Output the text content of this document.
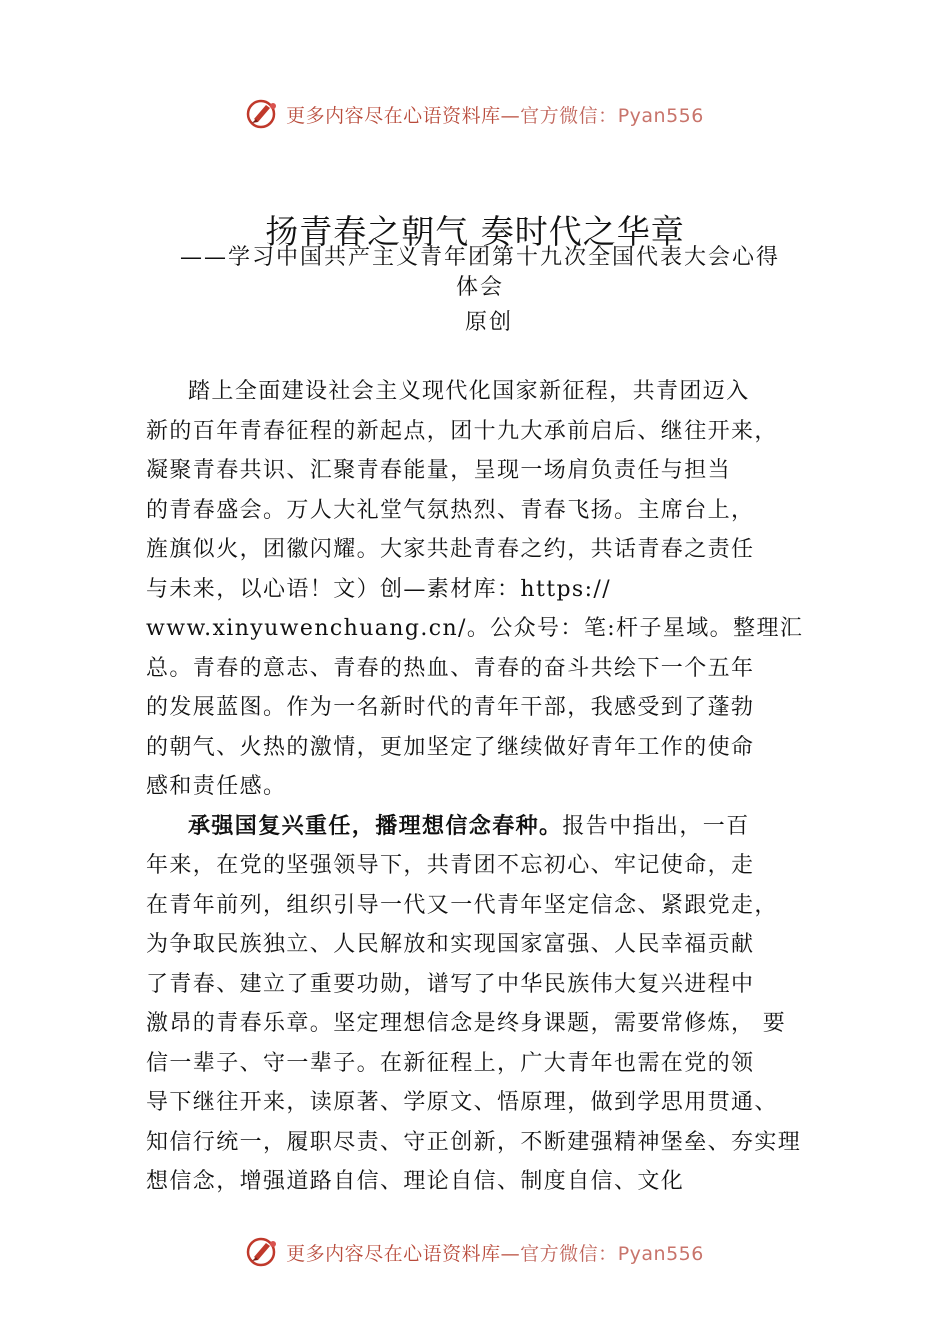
更多内容尽在心语资料库—官方微信：Pyan556
扬青春之朝气 奏时代之华章
——学习中国共产主义青年团第十九次全国代表大会心得
体会
原创

踏上全面建设社会主义现代化国家新征程，共青团迈入
新的百年青春征程的新起点，团十九大承前启后、继往开来，
凝聚青春共识、汇聚青春能量，呈现一场肩负责任与担当
的青春盛会。万人大礼堂气氛热烈、青春飞扬。主席台上，
旌旗似火，团徽闪耀。大家共赴青春之约，共话青春之责任
与未来，以心语！文）创—素材库：https://
www.xinyuwenchuang.cn/。公众号：笔:杆子星域。整理汇
总。青春的意志、青春的热血、青春的奋斗共绘下一个五年
的发展蓝图。作为一名新时代的青年干部，我感受到了蓬勃
的朝气、火热的激情，更加坚定了继续做好青年工作的使命
感和责任感。

承强国复兴重任，播理想信念春种。报告中指出，一百
年来，在党的坚强领导下，共青团不忘初心、牢记使命，走
在青年前列，组织引导一代又一代青年坚定信念、紧跟党走，
为争取民族独立、人民解放和实现国家富强、人民幸福贡献
了青春、建立了重要功勋，谱写了中华民族伟大复兴进程中
激昂的青春乐章。坚定理想信念是终身课题，需要常修炼， 要
信一辈子、守一辈子。在新征程上，广大青年也需在党的领
导下继往开来，读原著、学原文、悟原理，做到学思用贯通、
知信行统一，履职尽责、守正创新，不断建强精神堡垒、夯实理
想信念，增强道路自信、理论自信、制度自信、文化

更多内容尽在心语资料库—官方微信：Pyan556
